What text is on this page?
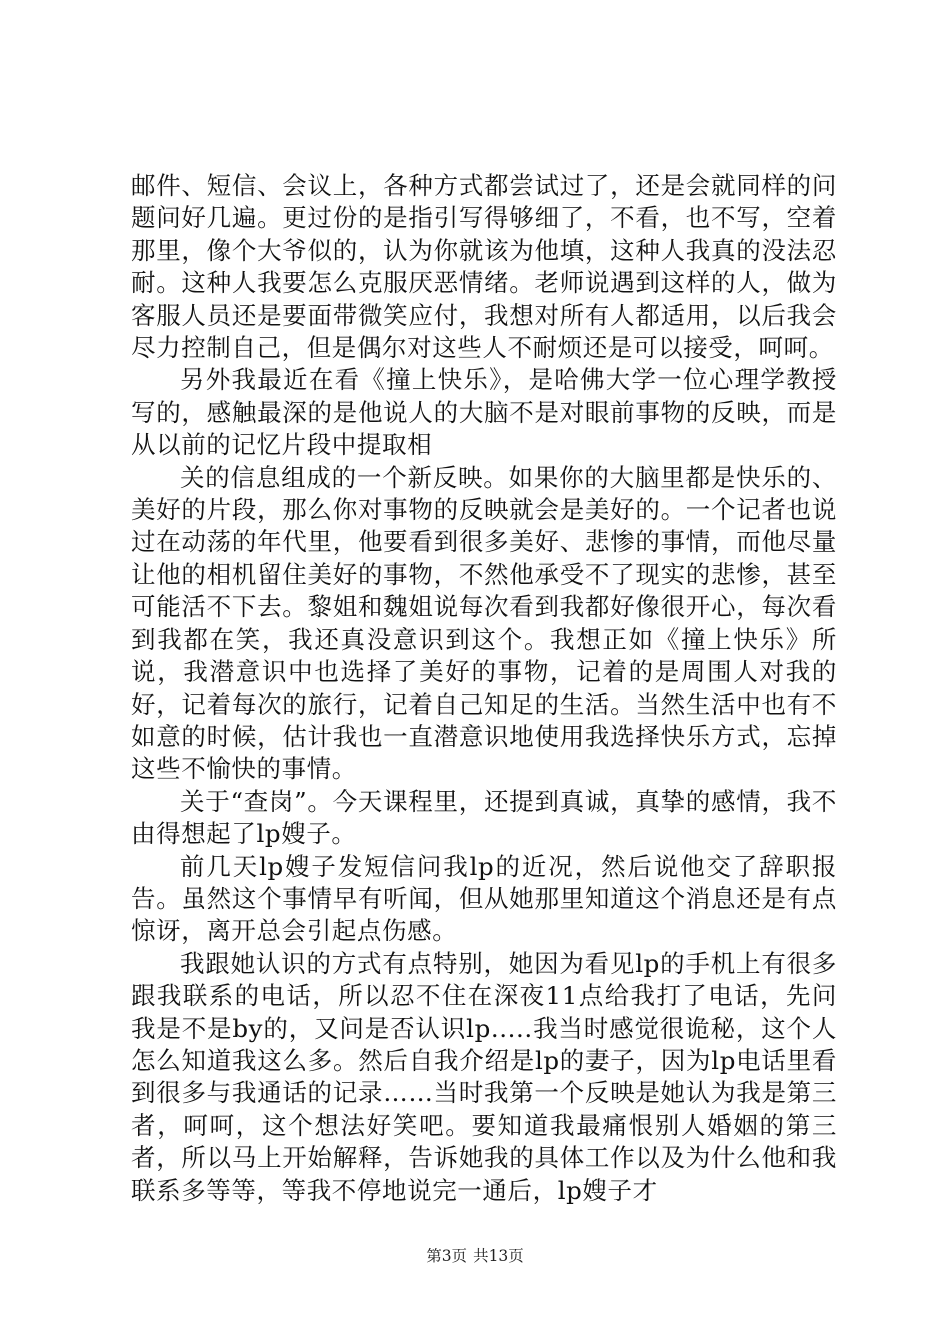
邮件、短信、会议上，各种方式都尝试过了，还是会就同样的问题问好几遍。更过份的是指引写得够细了，不看，也不写，空着那里，像个大爷似的，认为你就该为他填，这种人我真的没法忍耐。这种人我要怎么克服厌恶情绪。老师说遇到这样的人，做为客服人员还是要面带微笑应付，我想对所有人都适用，以后我会尽力控制自己，但是偶尔对这些人不耐烦还是可以接受，呵呵。

另外我最近在看《撞上快乐》，是哈佛大学一位心理学教授写的，感触最深的是他说人的大脑不是对眼前事物的反映，而是从以前的记忆片段中提取相

关的信息组成的一个新反映。如果你的大脑里都是快乐的、美好的片段，那么你对事物的反映就会是美好的。一个记者也说过在动荡的年代里，他要看到很多美好、悲惨的事情，而他尽量让他的相机留住美好的事物，不然他承受不了现实的悲惨，甚至可能活不下去。黎姐和魏姐说每次看到我都好像很开心，每次看到我都在笑，我还真没意识到这个。我想正如《撞上快乐》所说，我潜意识中也选择了美好的事物，记着的是周围人对我的好，记着每次的旅行，记着自己知足的生活。当然生活中也有不如意的时候，估计我也一直潜意识地使用我选择快乐方式，忘掉这些不愉快的事情。

关于“查岗”。今天课程里，还提到真诚，真挚的感情，我不由得想起了lp嫂子。

前几天lp嫂子发短信问我lp的近况，然后说他交了辞职报告。虽然这个事情早有听闻，但从她那里知道这个消息还是有点惊讶，离开总会引起点伤感。

我跟她认识的方式有点特别，她因为看见lp的手机上有很多跟我联系的电话，所以忍不住在深夜11点给我打了电话，先问我是不是by的，又问是否认识lp.....我当时感觉很诡秘，这个人怎么知道我这么多。然后自我介绍是lp的妻子，因为lp电话里看到很多与我通话的记录……当时我第一个反映是她认为我是第三者，呵呵，这个想法好笑吧。要知道我最痛恨别人婚姻的第三者，所以马上开始解释，告诉她我的具体工作以及为什么他和我联系多等等，等我不停地说完一通后，lp嫂子才

第3页 共13页
